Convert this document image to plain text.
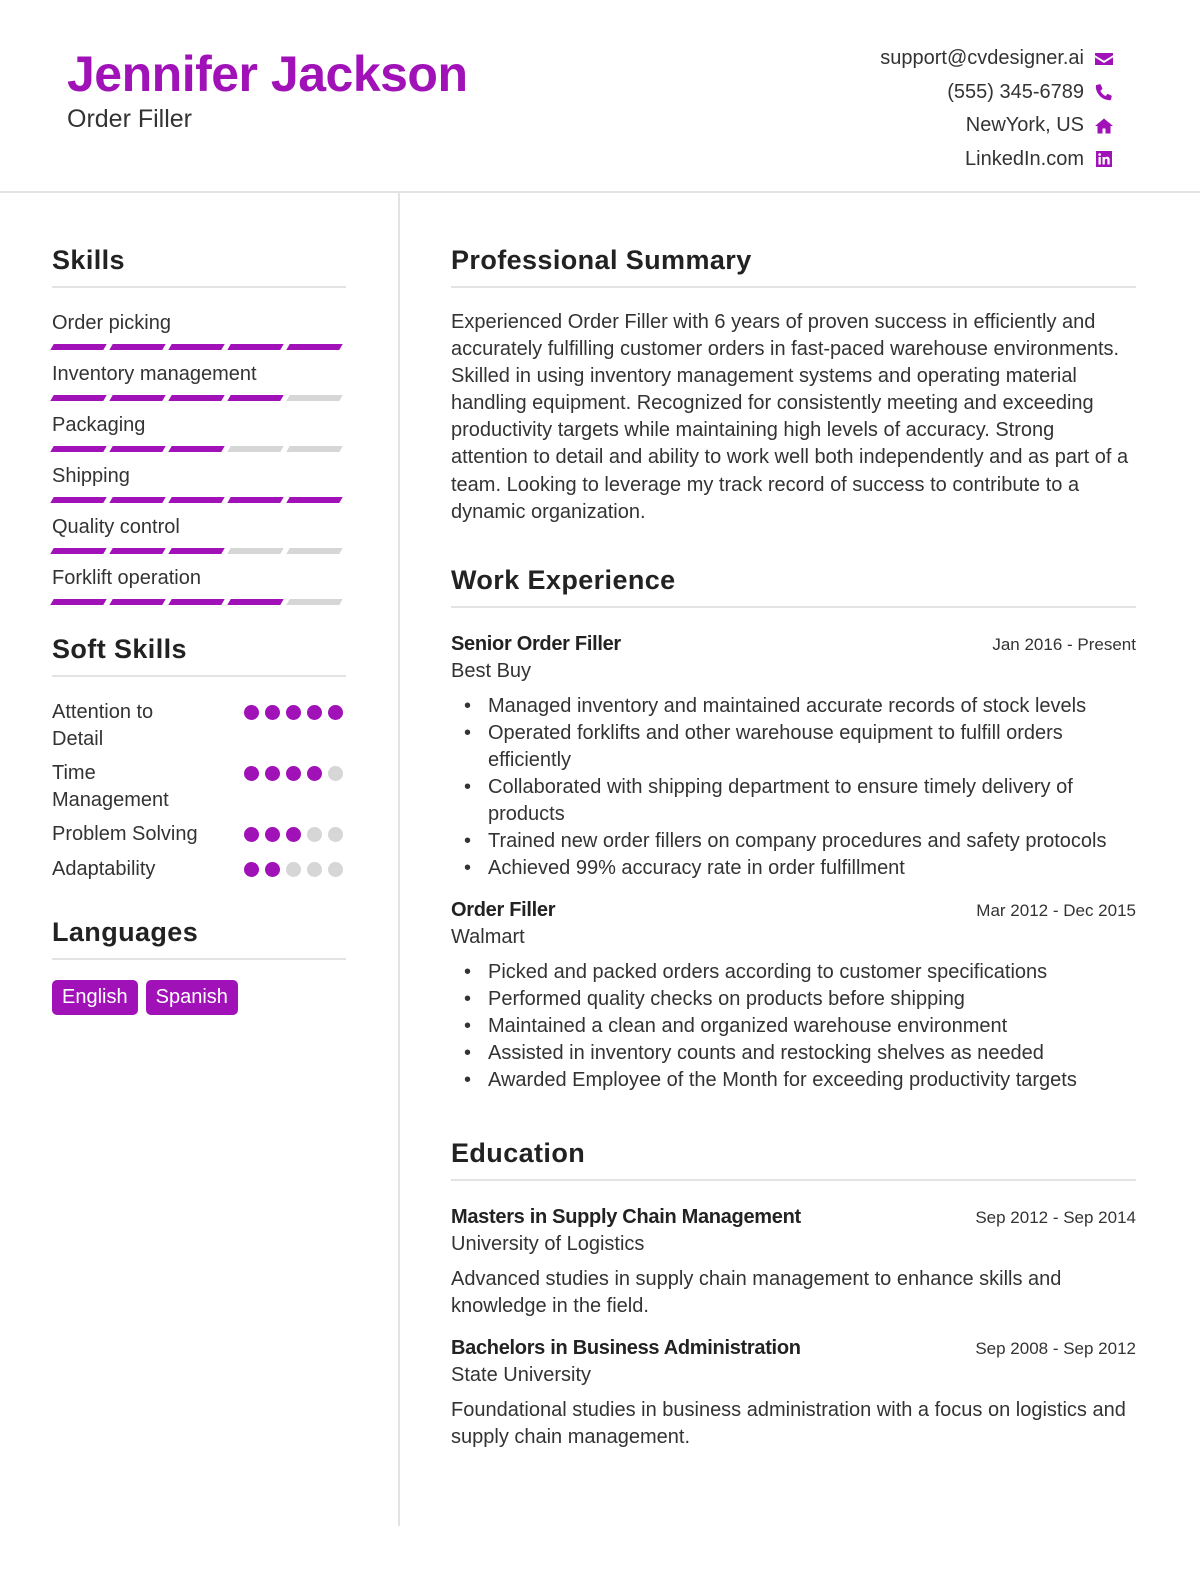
Jennifer Jackson
Order Filler
support@cvdesigner.ai
(555) 345-6789
NewYork, US
LinkedIn.com
Skills
Order picking
Inventory management
Packaging
Shipping
Quality control
Forklift operation
Soft Skills
Attention to Detail
Time Management
Problem Solving
Adaptability
Languages
English	Spanish
Professional Summary

Experienced Order Filler with 6 years of proven success in efficiently and accurately fulfilling customer orders in fast-paced warehouse environments. Skilled in using inventory management systems and operating material handling equipment. Recognized for consistently meeting and exceeding productivity targets while maintaining high levels of accuracy. Strong attention to detail and ability to work well both independently and as part of a team. Looking to leverage my track record of success to contribute to a dynamic organization.

Work Experience
Senior Order Filler	Jan 2016 - Present
Best Buy
• Managed inventory and maintained accurate records of stock levels
• Operated forklifts and other warehouse equipment to fulfill orders efficiently
• Collaborated with shipping department to ensure timely delivery of products
• Trained new order fillers on company procedures and safety protocols
• Achieved 99% accuracy rate in order fulfillment
Order Filler	Mar 2012 - Dec 2015
Walmart
• Picked and packed orders according to customer specifications
• Performed quality checks on products before shipping
• Maintained a clean and organized warehouse environment
• Assisted in inventory counts and restocking shelves as needed
• Awarded Employee of the Month for exceeding productivity targets
Education
Masters in Supply Chain Management	Sep 2012 - Sep 2014
University of Logistics

Advanced studies in supply chain management to enhance skills and knowledge in the field.

Bachelors in Business Administration	Sep 2008 - Sep 2012
State University

Foundational studies in business administration with a focus on logistics and supply chain management.
